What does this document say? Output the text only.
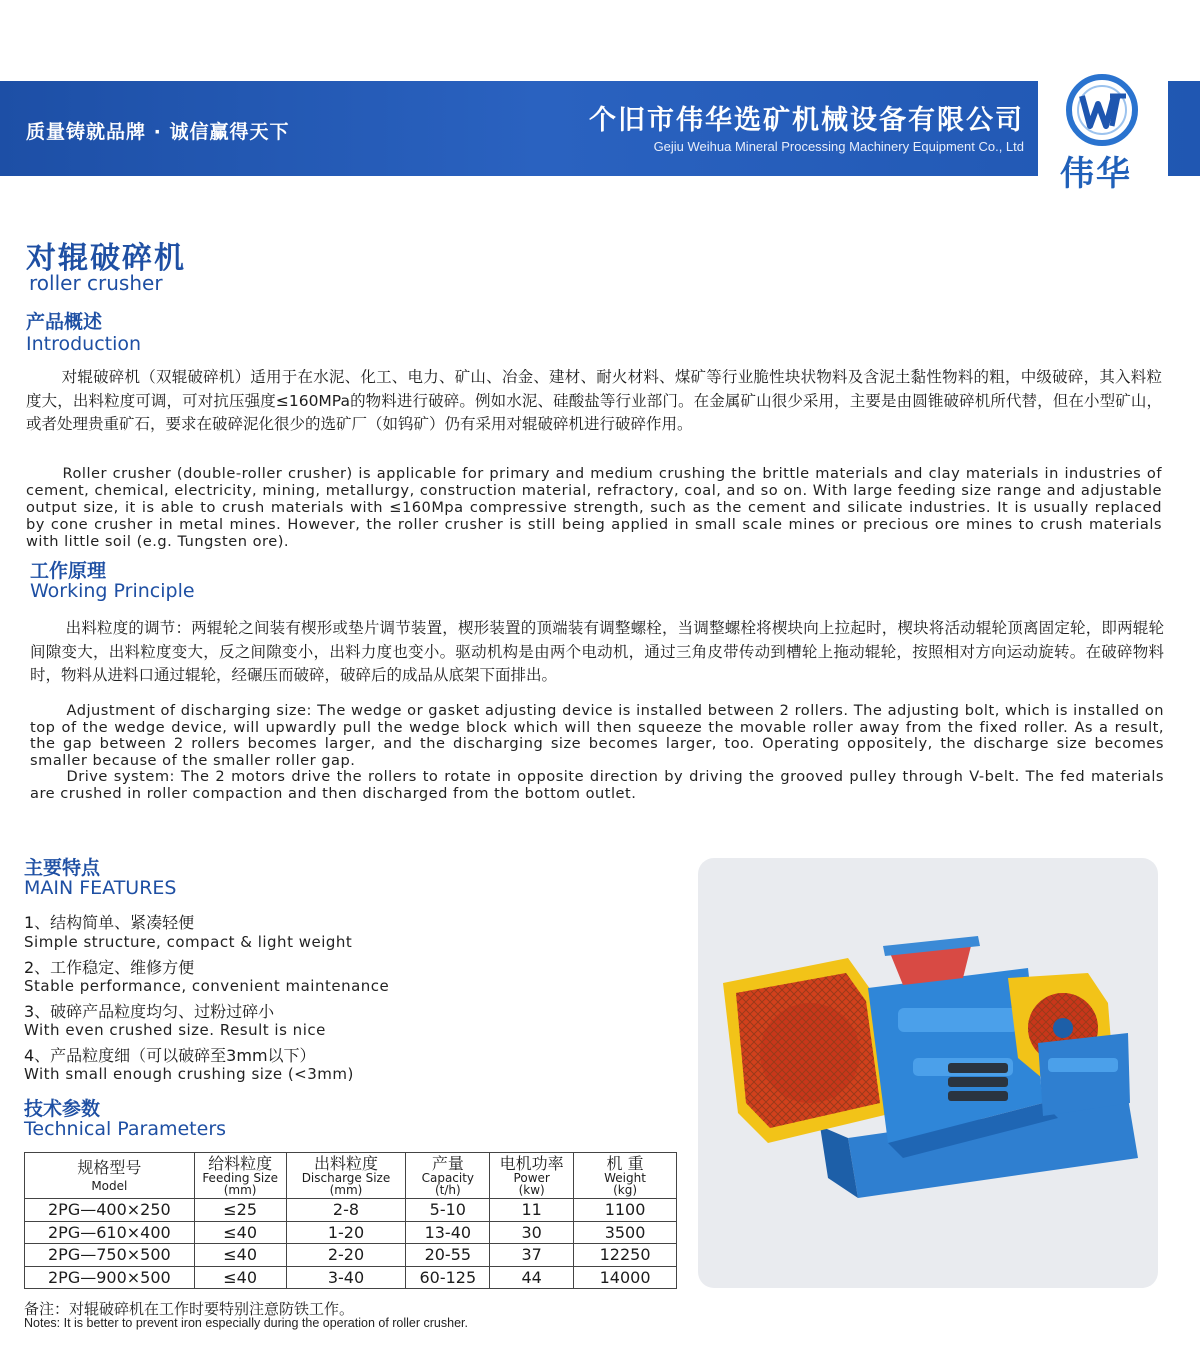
质量铸就品牌 · 诚信赢得天下	个旧市伟华选矿机械设备有限公司
Gejiu Weihua Mineral Processing Machinery Equipment Co., Ltd
伟华
对辊破碎机
roller crusher
产品概述
Introduction

对辊破碎机（双辊破碎机）适用于在水泥、化工、电力、矿山、冶金、建材、耐火材料、煤矿等行业脆性块状物料及含泥土黏性物料的粗，中级破碎，其入料粒度大，出料粒度可调，可对抗压强度≤160MPa的物料进行破碎。例如水泥、硅酸盐等行业部门。在金属矿山很少采用，主要是由圆锥破碎机所代替，但在小型矿山，或者处理贵重矿石，要求在破碎泥化很少的选矿厂（如钨矿）仍有采用对辊破碎机进行破碎作用。

Roller crusher (double-roller crusher) is applicable for primary and medium crushing the brittle materials and clay materials in industries of cement, chemical, electricity, mining, metallurgy, construction material, refractory, coal, and so on. With large feeding size range and adjustable output size, it is able to crush materials with ≤160Mpa compressive strength, such as the cement and silicate industries. It is usually replaced by cone crusher in metal mines. However, the roller crusher is still being applied in small scale mines or precious ore mines to crush materials with little soil (e.g. Tungsten ore).

工作原理
Working Principle

出料粒度的调节：两辊轮之间装有楔形或垫片调节装置，楔形装置的顶端装有调整螺栓，当调整螺栓将楔块向上拉起时，楔块将活动辊轮顶离固定轮，即两辊轮间隙变大，出料粒度变大，反之间隙变小，出料力度也变小。驱动机构是由两个电动机，通过三角皮带传动到槽轮上拖动辊轮，按照相对方向运动旋转。在破碎物料时，物料从进料口通过辊轮，经碾压而破碎，破碎后的成品从底架下面排出。

Adjustment of discharging size: The wedge or gasket adjusting device is installed between 2 rollers. The adjusting bolt, which is installed on top of the wedge device, will upwardly pull the wedge block which will then squeeze the movable roller away from the fixed roller. As a result, the gap between 2 rollers becomes larger, and the discharging size becomes larger, too. Operating oppositely, the discharge size becomes smaller because of the smaller roller gap.

Drive system: The 2 motors drive the rollers to rotate in opposite direction by driving the grooved pulley through V-belt. The fed materials are crushed in roller compaction and then discharged from the bottom outlet.

主要特点
MAIN FEATURES
1、结构简单、紧凑轻便
Simple structure, compact & light weight
2、工作稳定、维修方便
Stable performance, convenient maintenance
3、破碎产品粒度均匀、过粉过碎小
With even crushed size. Result is nice
4、产品粒度细（可以破碎至3mm以下）
With small enough crushing size (<3mm)
技术参数
Technical Parameters
规格型号
Model	给料粒度
Feeding Size
(mm)	出料粒度
Discharge Size
(mm)	产量
Capacity
(t/h)	电机功率
Power
(kw)	机 重
Weight
(kg)

2PG—400×250	≤25	2-8	5-10	11	1100
2PG—610×400	≤40	1-20	13-40	30	3500
2PG—750×500	≤40	2-20	20-55	37	12250
2PG—900×500	≤40	3-40	60-125	44	14000
备注：对辊破碎机在工作时要特别注意防铁工作。
Notes: It is better to prevent iron especially during the operation of roller crusher.
